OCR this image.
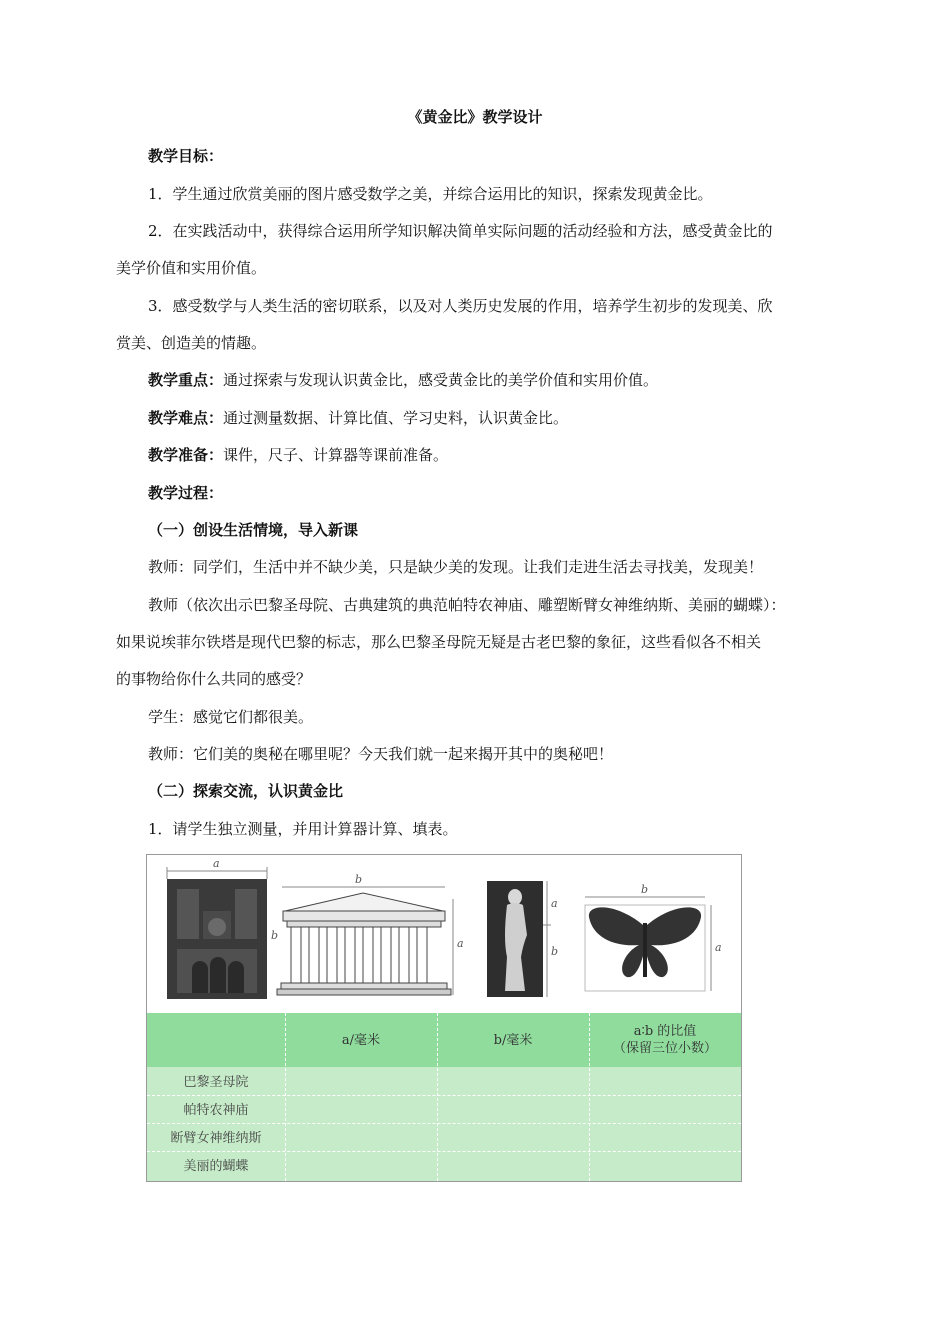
《黄金比》教学设计
教学目标：
1．学生通过欣赏美丽的图片感受数学之美，并综合运用比的知识，探索发现黄金比。
2．在实践活动中，获得综合运用所学知识解决简单实际问题的活动经验和方法，感受黄金比的
美学价值和实用价值。
3．感受数学与人类生活的密切联系，以及对人类历史发展的作用，培养学生初步的发现美、欣
赏美、创造美的情趣。
教学重点：通过探索与发现认识黄金比，感受黄金比的美学价值和实用价值。
教学难点：通过测量数据、计算比值、学习史料，认识黄金比。
教学准备：课件，尺子、计算器等课前准备。
教学过程：
（一）创设生活情境，导入新课
教师：同学们，生活中并不缺少美，只是缺少美的发现。让我们走进生活去寻找美，发现美！
教师（依次出示巴黎圣母院、古典建筑的典范帕特农神庙、雕塑断臂女神维纳斯、美丽的蝴蝶）：
如果说埃菲尔铁塔是现代巴黎的标志，那么巴黎圣母院无疑是古老巴黎的象征，这些看似各不相关
的事物给你什么共同的感受？
学生：感觉它们都很美。
教师：它们美的奥秘在哪里呢？今天我们就一起来揭开其中的奥秘吧！
（二）探索交流，认识黄金比
1．请学生独立测量，并用计算器计算、填表。
a
b
a
b
a
b
b
a
a/毫米	b/毫米
a∶b 的比值
（保留三位小数）
巴黎圣母院
帕特农神庙
断臂女神维纳斯
美丽的蝴蝶
